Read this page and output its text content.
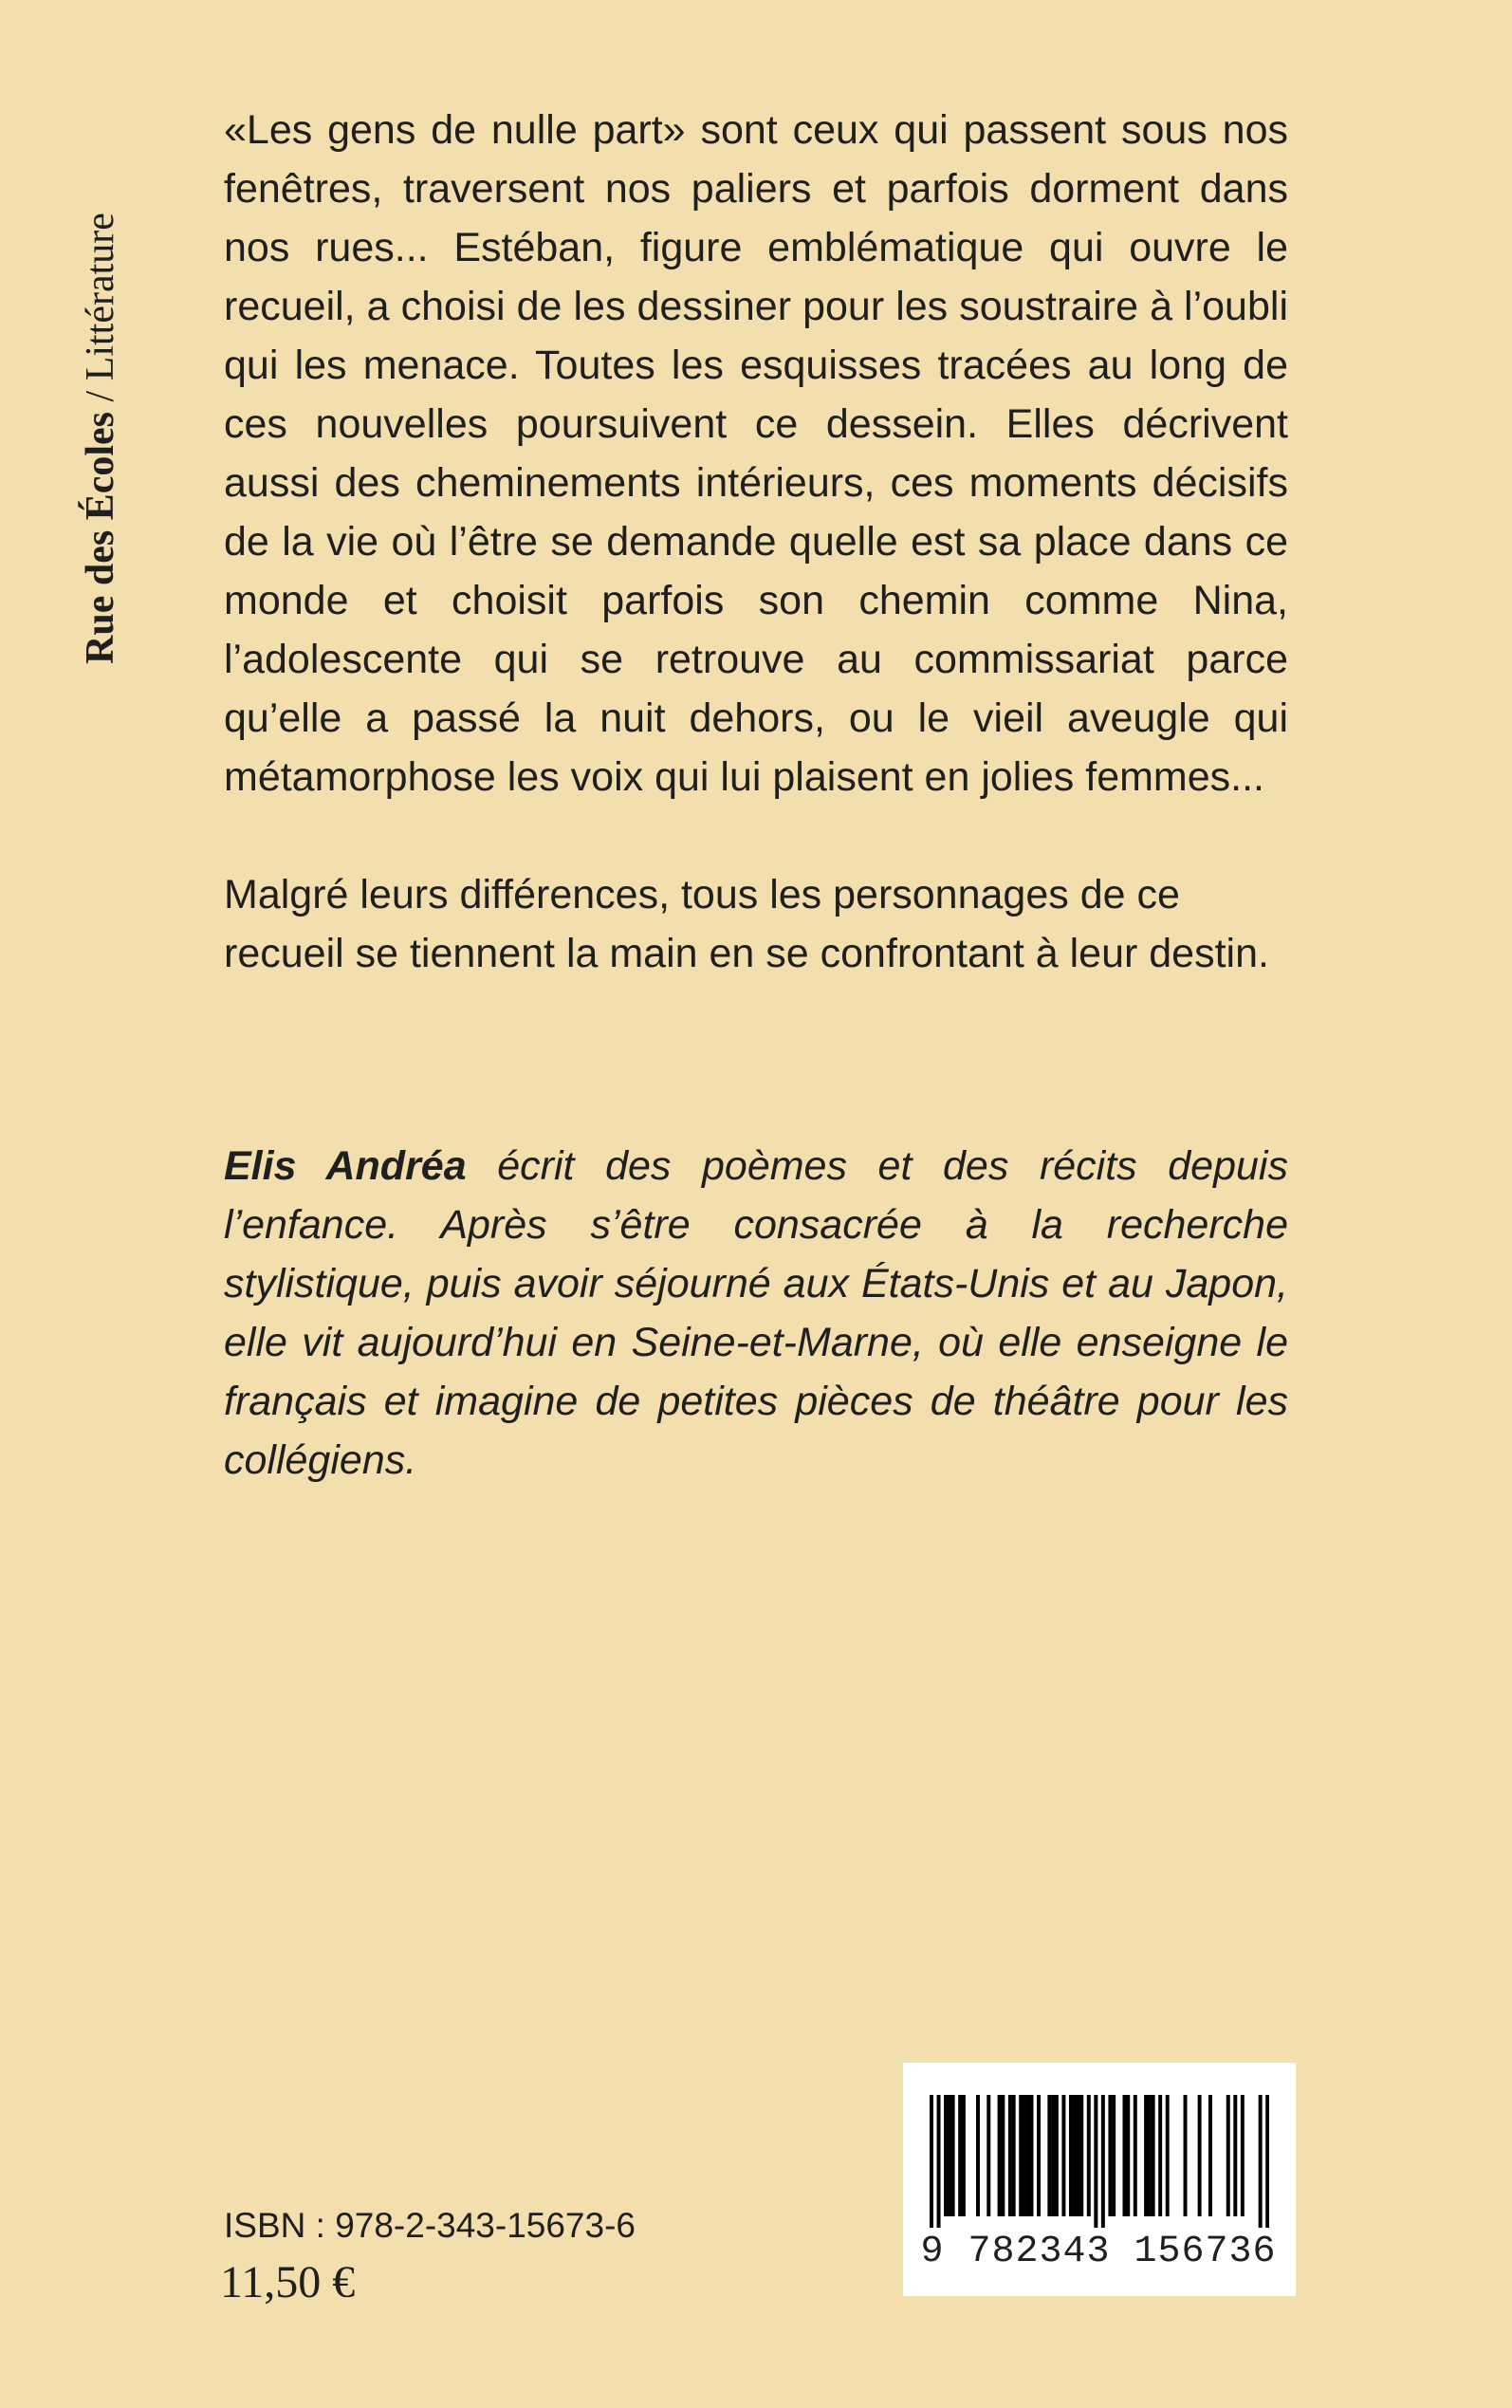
Rue des Écoles / Littérature

«Les gens de nulle part» sont ceux qui passent sous nos fenêtres, traversent nos paliers et parfois dorment dans nos rues... Estéban, figure emblématique qui ouvre le recueil, a choisi de les dessiner pour les soustraire à l’oubli qui les menace. Toutes les esquisses tracées au long de ces nouvelles poursuivent ce dessein. Elles décrivent aussi des cheminements intérieurs, ces moments décisifs de la vie où l’être se demande quelle est sa place dans ce monde et choisit parfois son chemin comme Nina, l’adolescente qui se retrouve au commissariat parce qu’elle a passé la nuit dehors, ou le vieil aveugle qui métamorphose les voix qui lui plaisent en jolies femmes...

Malgré leurs différences, tous les personnages de ce recueil se tiennent la main en se confrontant à leur destin.

Elis Andréa écrit des poèmes et des récits depuis l’enfance. Après s’être consacrée à la recherche stylistique, puis avoir séjourné aux États-Unis et au Japon, elle vit aujourd’hui en Seine-et-Marne, où elle enseigne le français et imagine de petites pièces de théâtre pour les collégiens.

ISBN : 978-2-343-15673-6
11,50 €
9 782343 156736
